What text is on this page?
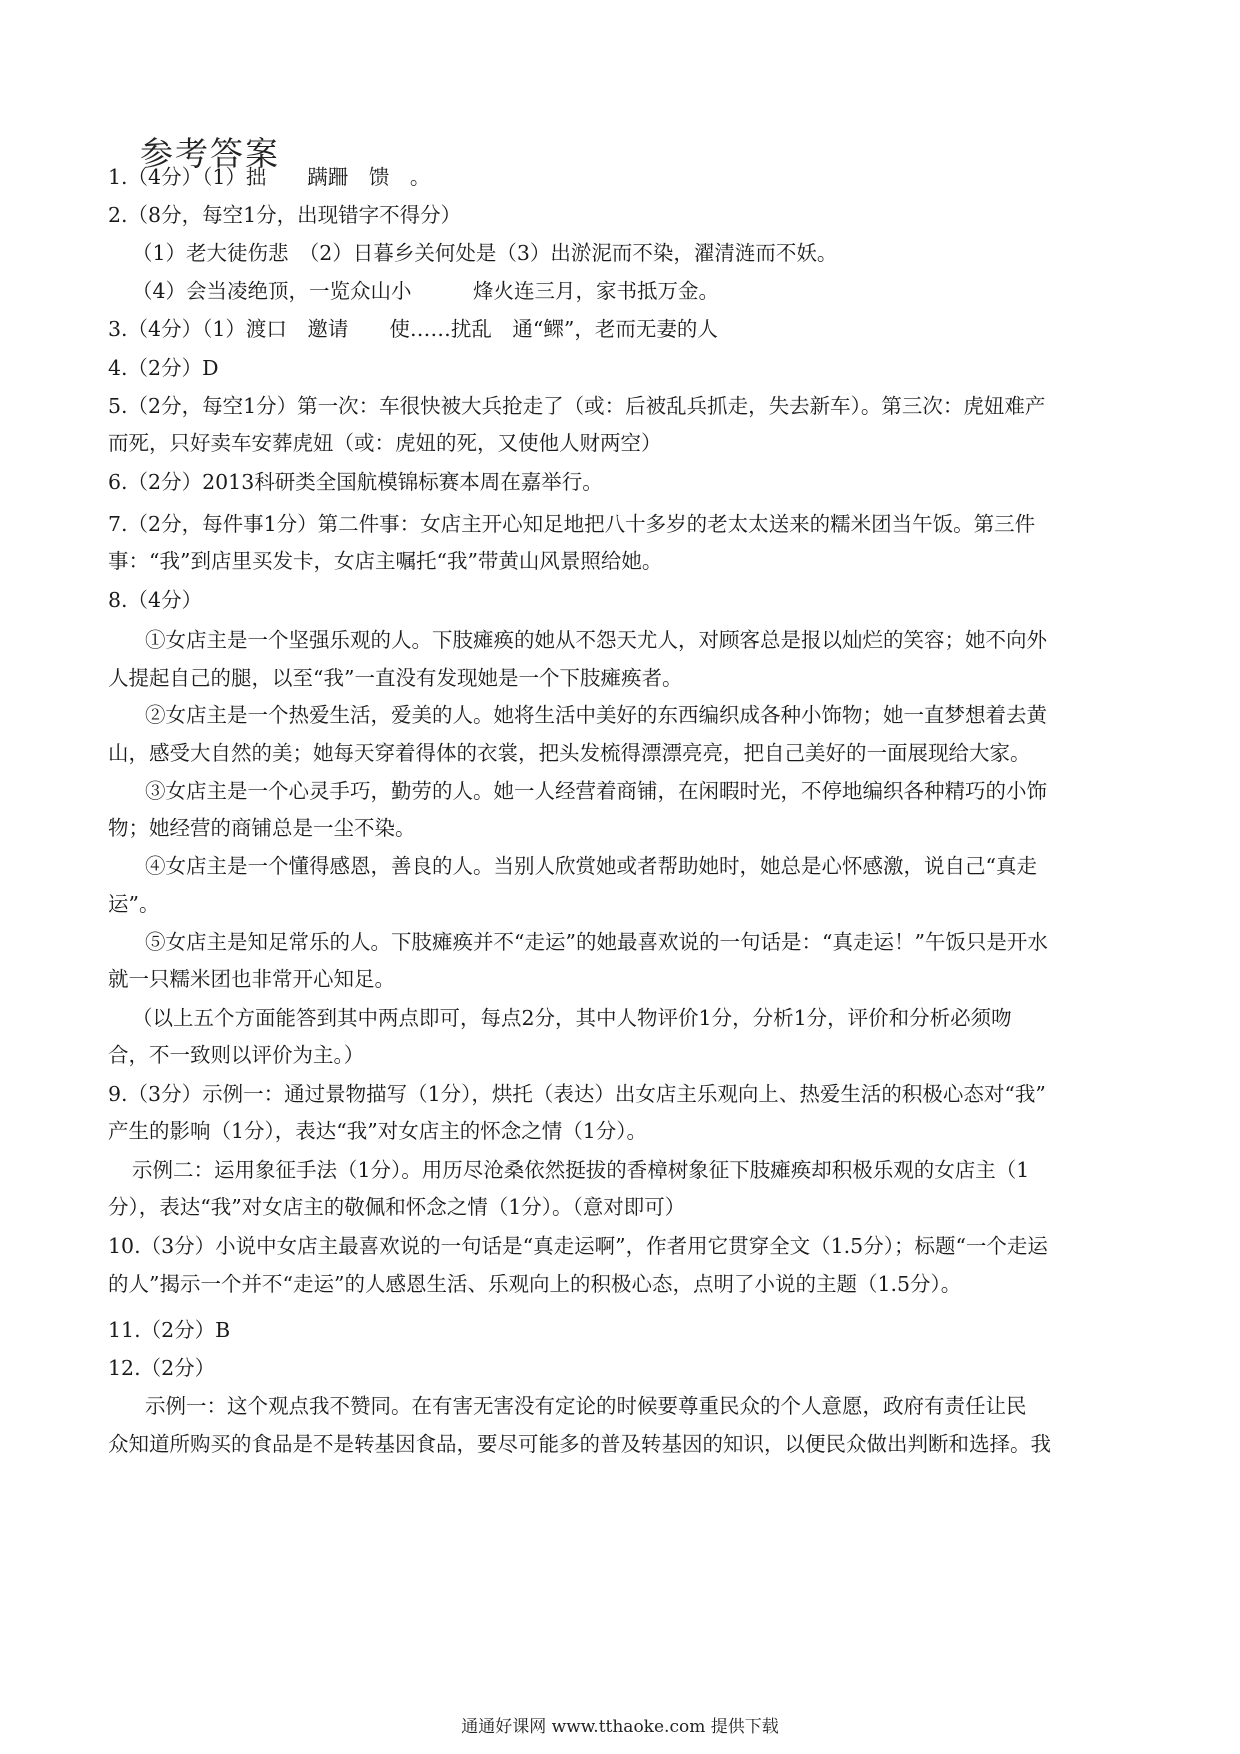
参考答案
1.（4分）（1）拙　　蹒跚　馈　。
2.（8分，每空1分，出现错字不得分）
（1）老大徒伤悲　（2）日暮乡关何处是（3）出淤泥而不染，濯清涟而不妖。
（4）会当凌绝顶，一览众山小　　　烽火连三月，家书抵万金。
3.（4分）（1）渡口　邀请　　使……扰乱　通“鳏”，老而无妻的人
4.（2分）D
5.（2分，每空1分）第一次：车很快被大兵抢走了（或：后被乱兵抓走，失去新车）。第三次：虎妞难产
而死，只好卖车安葬虎妞（或：虎妞的死，又使他人财两空）
6.（2分）2013科研类全国航模锦标赛本周在嘉举行。
7.（2分，每件事1分）第二件事：女店主开心知足地把八十多岁的老太太送来的糯米团当午饭。第三件
事：“我”到店里买发卡，女店主嘱托“我”带黄山风景照给她。
8.（4分）
①女店主是一个坚强乐观的人。下肢瘫痪的她从不怨天尤人，对顾客总是报以灿烂的笑容；她不向外
人提起自己的腿，以至“我”一直没有发现她是一个下肢瘫痪者。
②女店主是一个热爱生活，爱美的人。她将生活中美好的东西编织成各种小饰物；她一直梦想着去黄
山，感受大自然的美；她每天穿着得体的衣裳，把头发梳得漂漂亮亮，把自己美好的一面展现给大家。
③女店主是一个心灵手巧，勤劳的人。她一人经营着商铺，在闲暇时光，不停地编织各种精巧的小饰
物；她经营的商铺总是一尘不染。
④女店主是一个懂得感恩，善良的人。当别人欣赏她或者帮助她时，她总是心怀感激，说自己“真走
运”。
⑤女店主是知足常乐的人。下肢瘫痪并不“走运”的她最喜欢说的一句话是：“真走运！”午饭只是开水
就一只糯米团也非常开心知足。
（以上五个方面能答到其中两点即可，每点2分，其中人物评价1分，分析1分，评价和分析必须吻
合，不一致则以评价为主。）
9.（3分）示例一：通过景物描写（1分），烘托（表达）出女店主乐观向上、热爱生活的积极心态对“我”
产生的影响（1分），表达“我”对女店主的怀念之情（1分）。
示例二：运用象征手法（1分）。用历尽沧桑依然挺拔的香樟树象征下肢瘫痪却积极乐观的女店主（1
分），表达“我”对女店主的敬佩和怀念之情（1分）。（意对即可）
10.（3分）小说中女店主最喜欢说的一句话是“真走运啊”，作者用它贯穿全文（1.5分）；标题“一个走运
的人”揭示一个并不“走运”的人感恩生活、乐观向上的积极心态，点明了小说的主题（1.5分）。
11.（2分）B
12.（2分）
示例一：这个观点我不赞同。在有害无害没有定论的时候要尊重民众的个人意愿，政府有责任让民
众知道所购买的食品是不是转基因食品，要尽可能多的普及转基因的知识，以便民众做出判断和选择。我
通通好课网 www.tthaoke.com 提供下载
